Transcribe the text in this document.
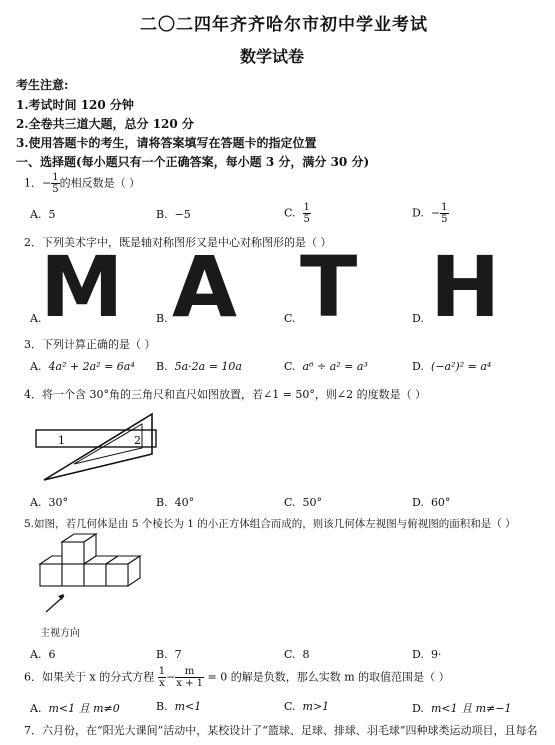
二〇二四年齐齐哈尔市初中学业考试
数学试卷
考生注意:
1.考试时间 120 分钟
2.全卷共三道大题，总分 120 分
3.使用答题卡的考生，请将答案填写在答题卡的指定位置
一、选择题(每小题只有一个正确答案，每小题 3 分，满分 30 分)
1．− $\frac{1}{5}$ 的相反数是（ ）
A. 5	B. −5	C. $\frac{1}{5}$	D. − $\frac{1}{5}$
2．下列美术字中，既是轴对称图形又是中心对称图形的是（ ）
M A T H
A.	B.	C.	D.
3．下列计算正确的是（ ）
A. 4a² + 2a² = 6a⁴ B. 5a·2a = 10a	C. a⁶ ÷ a² = a³	D. (−a²)² = a⁴
4．将一个含 30°角的三角尺和直尺如图放置，若∠1 = 50°，则∠2 的度数是（ ）
1	2
A. 30°	B. 40°	C. 50°	D. 60°
5.如图，若几何体是由 5 个棱长为 1 的小正方体组合而成的，则该几何体左视图与俯视图的面积和是（ ）
主视方向
A. 6	B. 7	C. 8	D. 9·
6．如果关于 x 的分式方程 $\frac{1}{x} - \frac{m}{x + 1} = 0$ 的解是负数，那么实数 m 的取值范围是（ ）
A. m<1 且 m≠0	B. m<1	C. m>1	D. m<1 且 m≠−1
7．六月份，在“阳光大课间”活动中，某校设计了“篮球、足球、排球、羽毛球”四种球类运动项目，且每名
